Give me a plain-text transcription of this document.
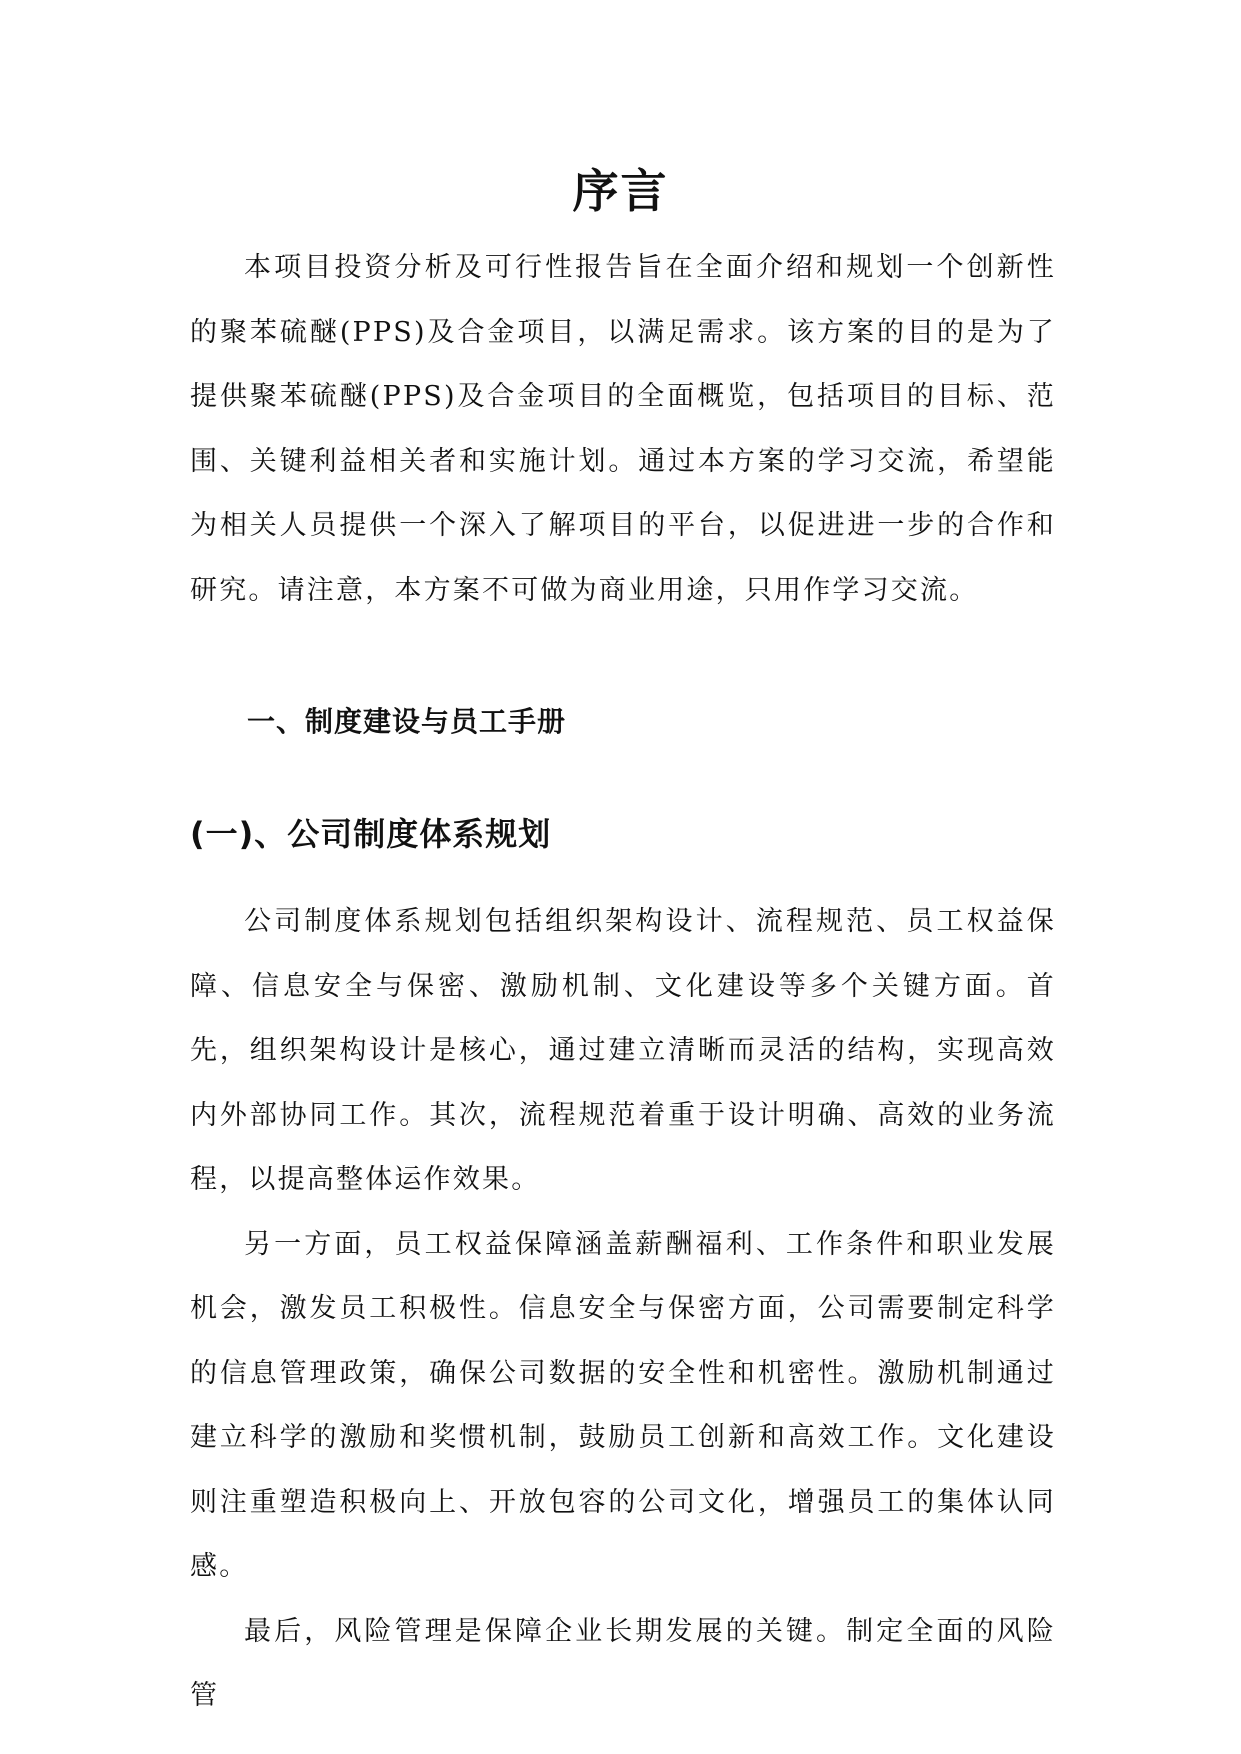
序言

本项目投资分析及可行性报告旨在全面介绍和规划一个创新性的聚苯硫醚(PPS)及合金项目，以满足需求。该方案的目的是为了提供聚苯硫醚(PPS)及合金项目的全面概览，包括项目的目标、范围、关键利益相关者和实施计划。通过本方案的学习交流，希望能为相关人员提供一个深入了解项目的平台，以促进进一步的合作和研究。请注意，本方案不可做为商业用途，只用作学习交流。

一、制度建设与员工手册
(一)、公司制度体系规划

公司制度体系规划包括组织架构设计、流程规范、员工权益保障、信息安全与保密、激励机制、文化建设等多个关键方面。首先，组织架构设计是核心，通过建立清晰而灵活的结构，实现高效内外部协同工作。其次，流程规范着重于设计明确、高效的业务流程，以提高整体运作效果。

另一方面，员工权益保障涵盖薪酬福利、工作条件和职业发展机会，激发员工积极性。信息安全与保密方面，公司需要制定科学的信息管理政策，确保公司数据的安全性和机密性。激励机制通过建立科学的激励和奖惯机制，鼓励员工创新和高效工作。文化建设则注重塑造积极向上、开放包容的公司文化，增强员工的集体认同感。

最后，风险管理是保障企业长期发展的关键。制定全面的风险管
